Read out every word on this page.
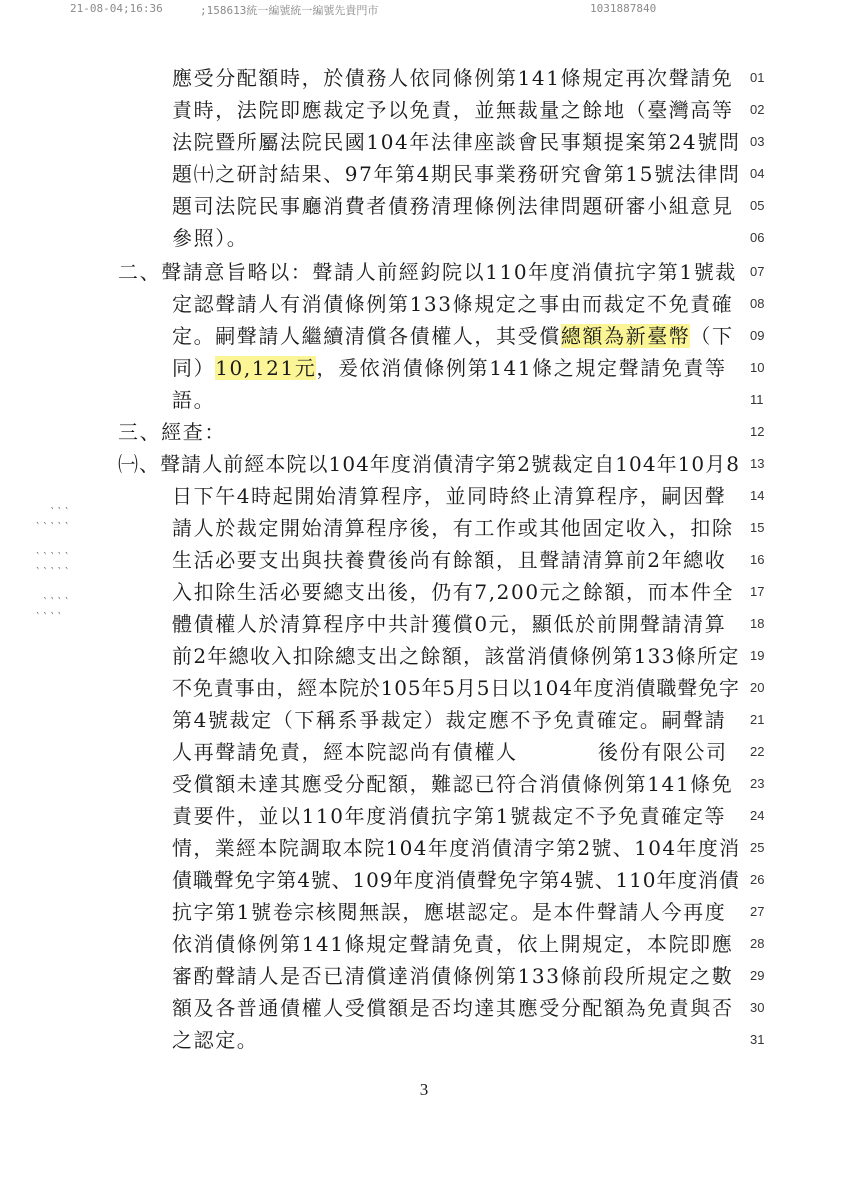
21-08-04;16:36	;158613統一編號統一編號先貴門市	1031887840
‵‵‵
‵‵‵‵‵

‵‵‵‵‵
‵‵‵‵‵

‵‵‵‵
‵‵‵‵
應受分配額時，於債務人依同條例第141條規定再次聲請免 01
責時，法院即應裁定予以免責，並無裁量之餘地（臺灣高等 02
法院暨所屬法院民國104年法律座談會民事類提案第24號問 03
題㈩之研討結果、97年第4期民事業務研究會第15號法律問 04
題司法院民事廳消費者債務清理條例法律問題研審小組意見 05
參照）。	06
二、聲請意旨略以：聲請人前經鈞院以110年度消債抗字第1號裁 07
定認聲請人有消債條例第133條規定之事由而裁定不免責確 08
定。嗣聲請人繼續清償各債權人，其受償總額為新臺幣（下 09
同）10,121元，爰依消債條例第141條之規定聲請免責等 10
語。	11
三、經查：	12
㈠、聲請人前經本院以104年度消債清字第2號裁定自104年10月8 13
日下午4時起開始清算程序，並同時終止清算程序，嗣因聲 14
請人於裁定開始清算程序後，有工作或其他固定收入，扣除 15
生活必要支出與扶養費後尚有餘額，且聲請清算前2年總收 16
入扣除生活必要總支出後，仍有7,200元之餘額，而本件全 17
體債權人於清算程序中共計獲償0元，顯低於前開聲請清算 18
前2年總收入扣除總支出之餘額，該當消債條例第133條所定 19
不免責事由，經本院於105年5月5日以104年度消債職聲免字 20
第4號裁定（下稱系爭裁定）裁定應不予免責確定。嗣聲請 21
人再聲請免責，經本院認尚有債權人	後份有限公司 22
受償額未達其應受分配額，難認已符合消債條例第141條免 23
責要件，並以110年度消債抗字第1號裁定不予免責確定等 24
情，業經本院調取本院104年度消債清字第2號、104年度消 25
債職聲免字第4號、109年度消債聲免字第4號、110年度消債 26
抗字第1號卷宗核閱無誤，應堪認定。是本件聲請人今再度 27
依消債條例第141條規定聲請免責，依上開規定，本院即應 28
審酌聲請人是否已清償達消債條例第133條前段所規定之數 29
額及各普通債權人受償額是否均達其應受分配額為免責與否 30
之認定。	31
3
